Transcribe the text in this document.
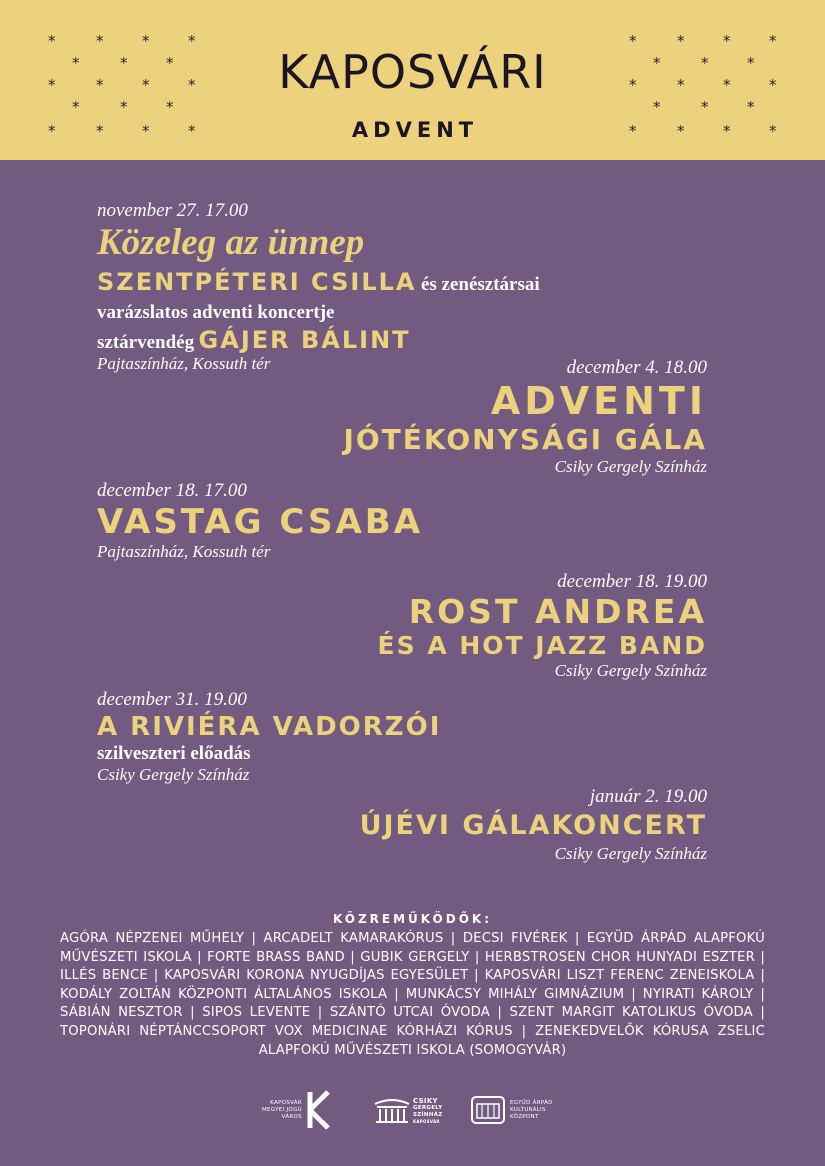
*	*	*	*
*	*	*
*	*	*	*
*	*	*
*	*	*	*
KAPOSVÁRI
ADVENT
*	*	*	*
*	*	*
*	*	*	*
*	*	*
*	*	*	*
november 27. 17.00
Közeleg az ünnep
SZENTPÉTERI CSILLA és zenésztársai
varázslatos adventi koncertje
sztárvendég GÁJER BÁLINT
Pajtaszínház, Kossuth tér	december 4. 18.00
ADVENTI
JÓTÉKONYSÁGI GÁLA
Csiky Gergely Színház
december 18. 17.00
VASTAG CSABA
Pajtaszínház, Kossuth tér
december 18. 19.00
ROST ANDREA
ÉS A HOT JAZZ BAND
Csiky Gergely Színház
december 31. 19.00
A RIVIÉRA VADORZÓI
szilveszteri előadás
Csiky Gergely Színház
január 2. 19.00
ÚJÉVI GÁLAKONCERT
Csiky Gergely Színház
KÖZREMŰKÖDŐK:
AGÓRA NÉPZENEI MŰHELY | ARCADELT KAMARAKÓRUS | DECSI FIVÉREK | EGYÜD ÁRPÁD ALAPFOKÚ MŰVÉSZETI ISKOLA | FORTE BRASS BAND | GUBIK GERGELY | HERBSTROSEN CHOR HUNYADI ESZTER | ILLÉS BENCE | KAPOSVÁRI KORONA NYUGDÍJAS EGYESÜLET | KAPOSVÁRI LISZT FERENC ZENEISKOLA | KODÁLY ZOLTÁN KÖZPONTI ÁLTALÁNOS ISKOLA | MUNKÁCSY MIHÁLY GIMNÁZIUM | NYIRATI KÁROLY | SÁBIÁN NESZTOR | SIPOS LEVENTE | SZÁNTÓ UTCAI ÓVODA | SZENT MARGIT KATOLIKUS ÓVODA | TOPONÁRI NÉPTÁNCCSOPORT VOX MEDICINAE KÓRHÁZI KÓRUS | ZENEKEDVELŐK KÓRUSA ZSELIC ALAPFOKÚ MŰVÉSZETI ISKOLA (SOMOGYVÁR)
KAPOSVÁR
MEGYEI JOGÚ
VÁROS
CSIKY
GERGELY
SZÍNHÁZ
KAPOSVÁR
EGYÜD ÁRPÁD
KULTURÁLIS
KÖZPONT
